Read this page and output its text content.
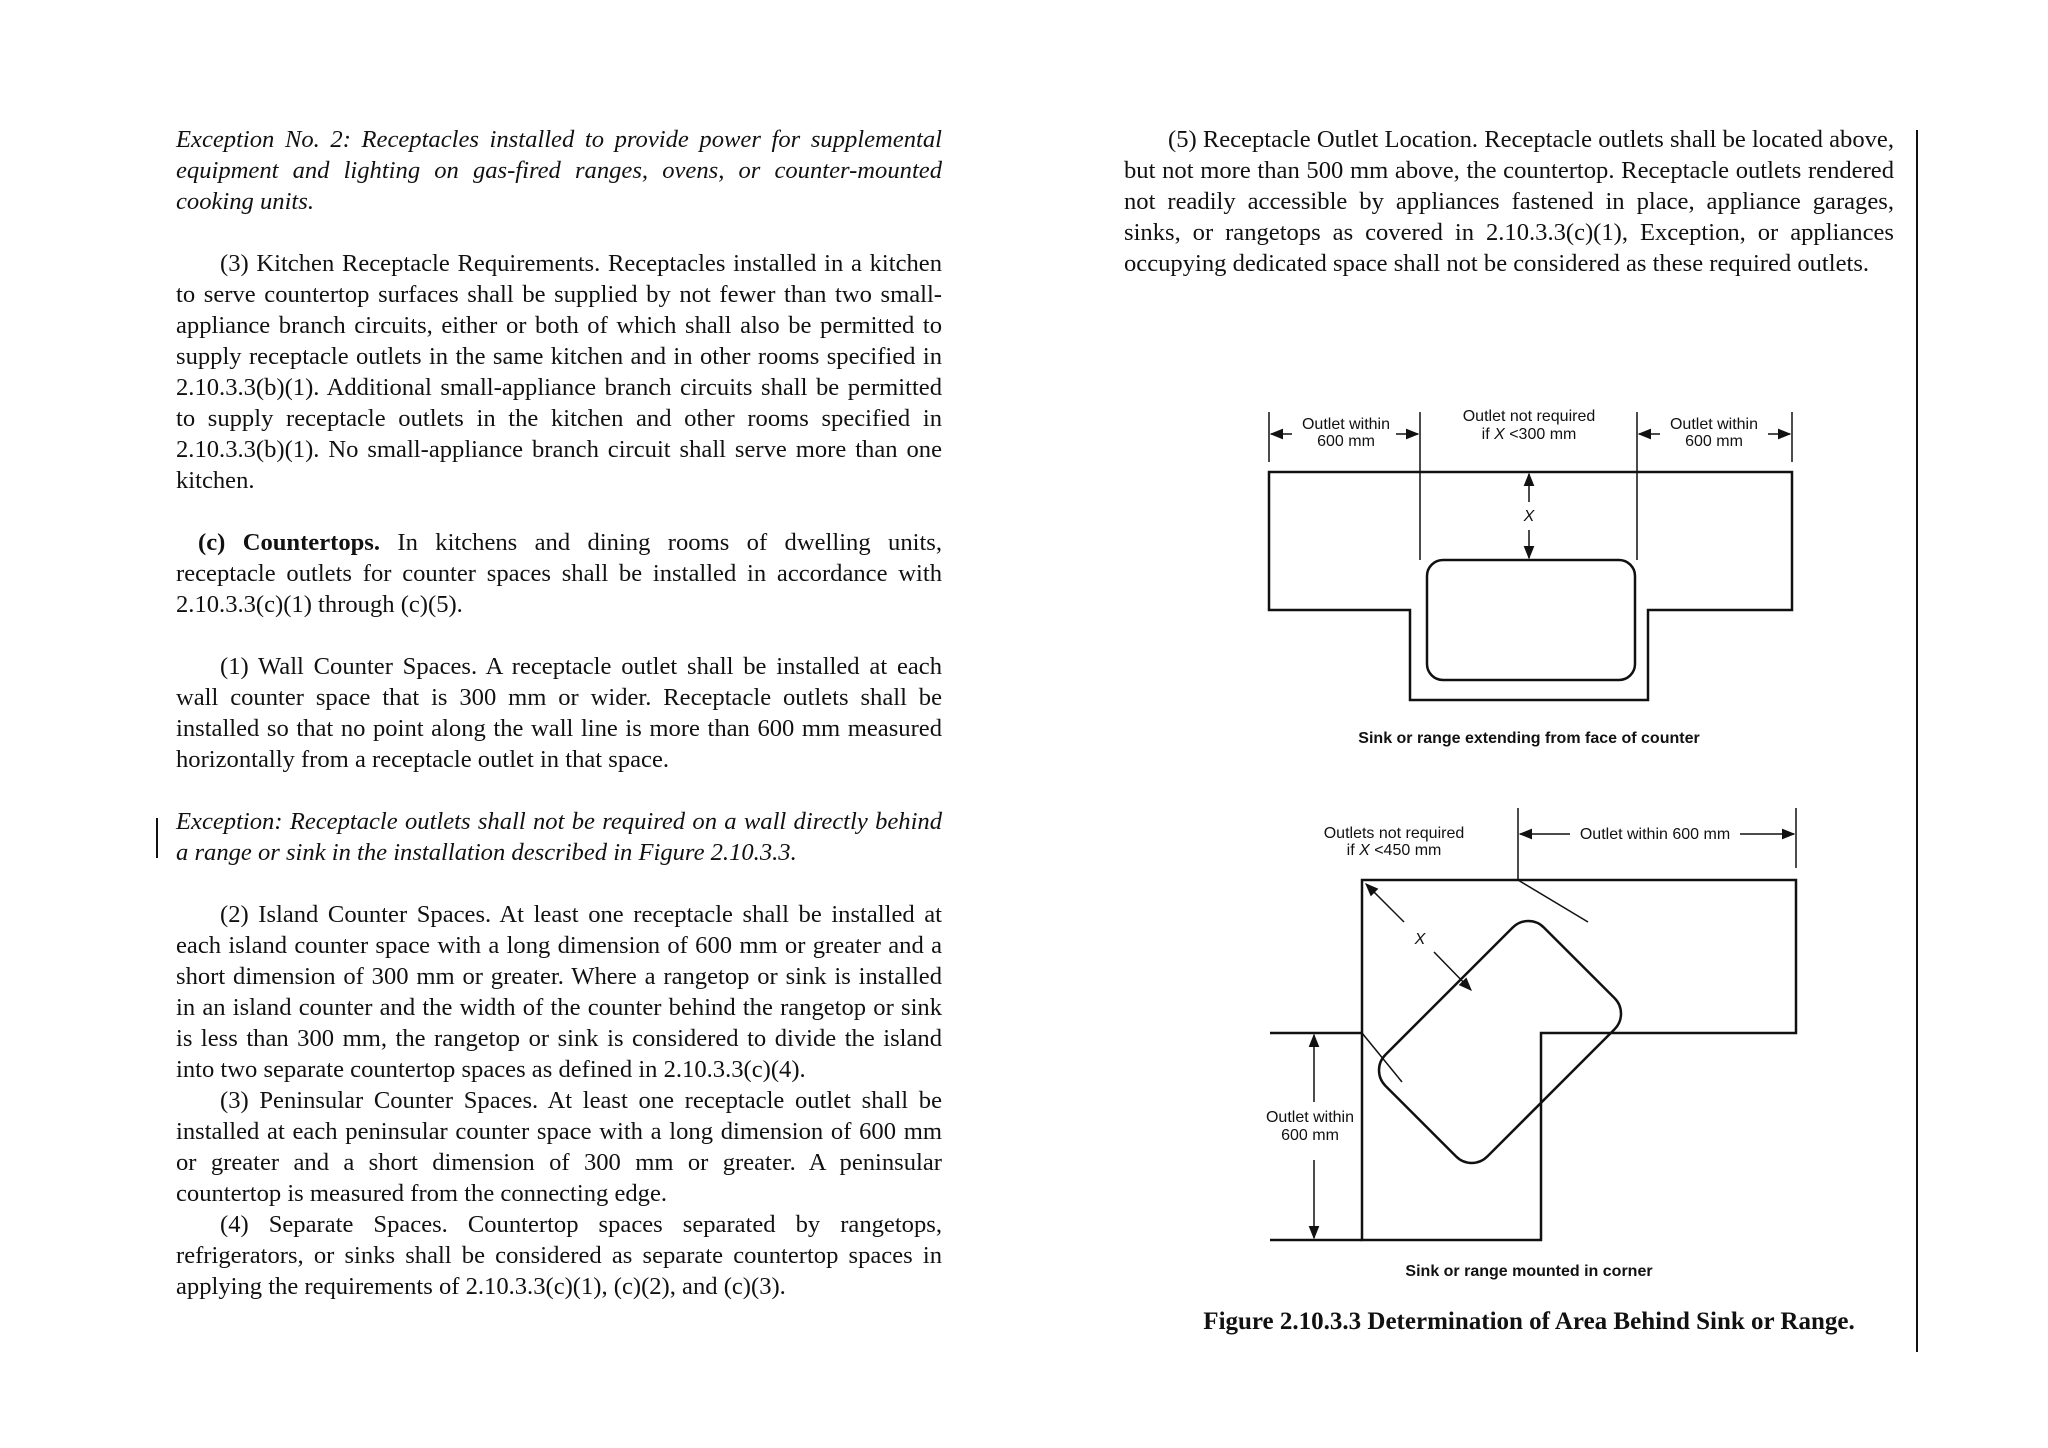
Exception No. 2: Receptacles installed to provide power for supplemental equipment and lighting on gas-fired ranges, ovens, or counter-mounted cooking units.

(3) Kitchen Receptacle Requirements. Receptacles installed in a kitchen to serve countertop surfaces shall be supplied by not fewer than two small-appliance branch circuits, either or both of which shall also be permitted to supply receptacle outlets in the same kitchen and in other rooms specified in 2.10.3.3(b)(1). Additional small-appliance branch circuits shall be permitted to supply receptacle outlets in the kitchen and other rooms specified in 2.10.3.3(b)(1). No small-appliance branch circuit shall serve more than one kitchen.

(c) Countertops. In kitchens and dining rooms of dwelling units, receptacle outlets for counter spaces shall be installed in accordance with 2.10.3.3(c)(1) through (c)(5).

(1) Wall Counter Spaces. A receptacle outlet shall be installed at each wall counter space that is 300 mm or wider. Receptacle outlets shall be installed so that no point along the wall line is more than 600 mm measured horizontally from a receptacle outlet in that space.

Exception: Receptacle outlets shall not be required on a wall directly behind a range or sink in the installation described in Figure 2.10.3.3.

(2) Island Counter Spaces. At least one receptacle shall be installed at each island counter space with a long dimension of 600 mm or greater and a short dimension of 300 mm or greater. Where a rangetop or sink is installed in an island counter and the width of the counter behind the rangetop or sink is less than 300 mm, the rangetop or sink is considered to divide the island into two separate countertop spaces as defined in 2.10.3.3(c)(4).

(3) Peninsular Counter Spaces. At least one receptacle outlet shall be installed at each peninsular counter space with a long dimension of 600 mm or greater and a short dimension of 300 mm or greater. A peninsular countertop is measured from the connecting edge.

(4) Separate Spaces. Countertop spaces separated by rangetops, refrigerators, or sinks shall be considered as separate countertop spaces in applying the requirements of 2.10.3.3(c)(1), (c)(2), and (c)(3).

(5) Receptacle Outlet Location. Receptacle outlets shall be located above, but not more than 500 mm above, the countertop. Receptacle outlets rendered not readily accessible by appliances fastened in place, appliance garages, sinks, or rangetops as covered in 2.10.3.3(c)(1), Exception, or appliances occupying dedicated space shall not be considered as these required outlets.

Outlet within
600 mm
Outlet not required
if X <300 mm
Outlet within
600 mm
X
Sink or range extending from face of counter
Outlets not required
if X <450 mm
Outlet within 600 mm
X
Outlet within
600 mm
Sink or range mounted in corner
Figure 2.10.3.3 Determination of Area Behind Sink or Range.
